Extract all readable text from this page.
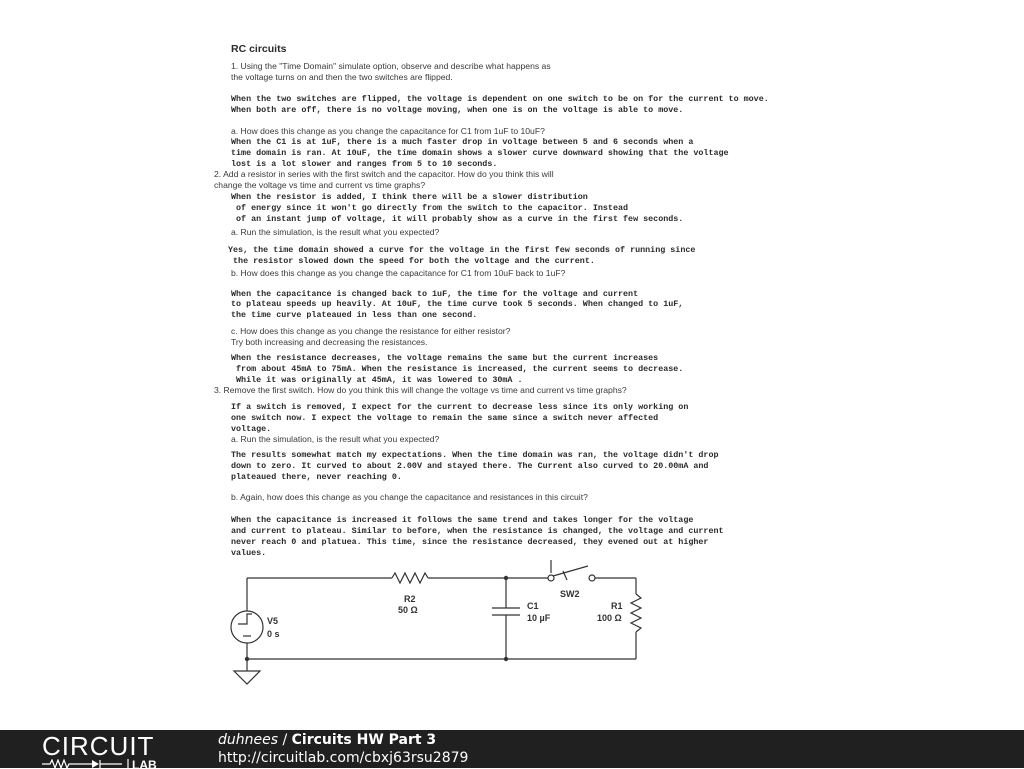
RC circuits
1. Using the "Time Domain" simulate option, observe and describe what happens as
the voltage turns on and then the two switches are flipped.
When the two switches are flipped, the voltage is dependent on one switch to be on for the current to move.
When both are off, there is no voltage moving, when one is on the voltage is able to move.
a. How does this change as you change the capacitance for C1 from 1uF to 10uF?
When the C1 is at 1uF, there is a much faster drop in voltage between 5 and 6 seconds when a
time domain is ran. At 10uF, the time domain shows a slower curve downward showing that the voltage
lost is a lot slower and ranges from 5 to 10 seconds.
2. Add a resistor in series with the first switch and the capacitor. How do you think this will
change the voltage vs time and current vs time graphs?
When the resistor is added, I think there will be a slower distribution
of energy since it won't go directly from the switch to the capacitor. Instead
of an instant jump of voltage, it will probably show as a curve in the first few seconds.
a. Run the simulation, is the result what you expected?
Yes, the time domain showed a curve for the voltage in the first few seconds of running since
the resistor slowed down the speed for both the voltage and the current.
b. How does this change as you change the capacitance for C1 from 10uF back to 1uF?
When the capacitance is changed back to 1uF, the time for the voltage and current
to plateau speeds up heavily. At 10uF, the time curve took 5 seconds. When changed to 1uF,
the time curve plateaued in less than one second.
c. How does this change as you change the resistance for either resistor?
Try both increasing and decreasing the resistances.
When the resistance decreases, the voltage remains the same but the current increases
from about 45mA to 75mA. When the resistance is increased, the current seems to decrease.
While it was originally at 45mA, it was lowered to 30mA .
3. Remove the first switch. How do you think this will change the voltage vs time and current vs time graphs?
If a switch is removed, I expect for the current to decrease less since its only working on
one switch now. I expect the voltage to remain the same since a switch never affected
voltage.
a. Run the simulation, is the result what you expected?
The results somewhat match my expectations. When the time domain was ran, the voltage didn't drop
down to zero. It curved to about 2.00V and stayed there. The Current also curved to 20.00mA and
plateaued there, never reaching 0.
b. Again, how does this change as you change the capacitance and resistances in this circuit?
When the capacitance is increased it follows the same trend and takes longer for the voltage
and current to plateau. Similar to before, when the resistance is changed, the voltage and current
never reach 0 and platuea. This time, since the resistance decreased, they evened out at higher
values.
R2
50 Ω	C1
10 µF
R1
100 Ω
V5
0 s
SW2
CIRCUIT
LAB
duhnees / Circuits HW Part 3
http://circuitlab.com/cbxj63rsu2879
